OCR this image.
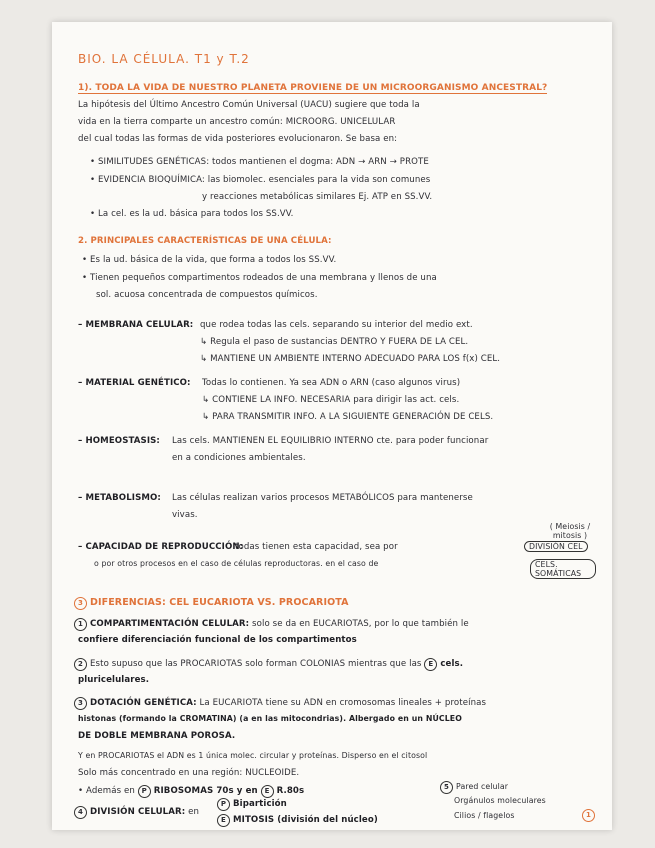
BIO. LA CÉLULA. T1 y T.2
1). TODA LA VIDA DE NUESTRO PLANETA PROVIENE DE UN MICROORGANISMO ANCESTRAL?
La hipótesis del Último Ancestro Común Universal (UACU) sugiere que toda la
vida en la tierra comparte un ancestro común: MICROORG. UNICELULAR
del cual todas las formas de vida posteriores evolucionaron. Se basa en:
• SIMILITUDES GENÉTICAS: todos mantienen el dogma: ADN → ARN → PROTE
• EVIDENCIA BIOQUÍMICA: las biomolec. esenciales para la vida son comunes
y reacciones metabólicas similares Ej. ATP en SS.VV.
• La cel. es la ud. básica para todos los SS.VV.
2. PRINCIPALES CARACTERÍSTICAS DE UNA CÉLULA:
• Es la ud. básica de la vida, que forma a todos los SS.VV.
• Tienen pequeños compartimentos rodeados de una membrana y llenos de una
sol. acuosa concentrada de compuestos químicos.
– MEMBRANA CELULAR: que rodea todas las cels. separando su interior del medio ext.
↳ Regula el paso de sustancias DENTRO Y FUERA DE LA CEL.
↳ MANTIENE UN AMBIENTE INTERNO ADECUADO PARA LOS f(x) CEL.
– MATERIAL GENÉTICO: Todas lo contienen. Ya sea ADN o ARN (caso algunos virus)
↳ CONTIENE LA INFO. NECESARIA para dirigir las act. cels.
↳ PARA TRANSMITIR INFO. A LA SIGUIENTE GENERACIÓN DE CELS.
– HOMEOSTASIS: Las cels. MANTIENEN EL EQUILIBRIO INTERNO cte. para poder funcionar
en a condiciones ambientales.
– METABOLISMO: Las células realizan varios procesos METABÓLICOS para mantenerse
vivas.
( Meiosis / mitosis )
– CAPACIDAD DE REPRODUCCIÓN:
todas tienen esta capacidad, sea por	DIVISIÓN CEL
o por otros procesos en el caso de células reproductoras. en el caso de	CELS. SOMÁTICAS
3 DIFERENCIAS: CEL EUCARIOTA VS. PROCARIOTA
1 COMPARTIMENTACIÓN CELULAR: solo se da en EUCARIOTAS, por lo que también le
confiere diferenciación funcional de los compartimentos
2 Esto supuso que las PROCARIOTAS solo forman COLONIAS mientras que las E cels.
pluricelulares.
3 DOTACIÓN GENÉTICA: La EUCARIOTA tiene su ADN en cromosomas lineales + proteínas
histonas (formando la CROMATINA) (a en las mitocondrias). Albergado en un NÚCLEO
DE DOBLE MEMBRANA POROSA.
Y en PROCARIOTAS el ADN es 1 única molec. circular y proteínas. Disperso en el citosol
Solo más concentrado en una región: NUCLEOIDE.
• Además en P RIBOSOMAS 70s y en E R.80s
4 DIVISIÓN CELULAR: en
P Bipartición
E MITOSIS (división del núcleo)
5 Pared celular
Orgánulos moleculares
Cilios / flagelos	1
